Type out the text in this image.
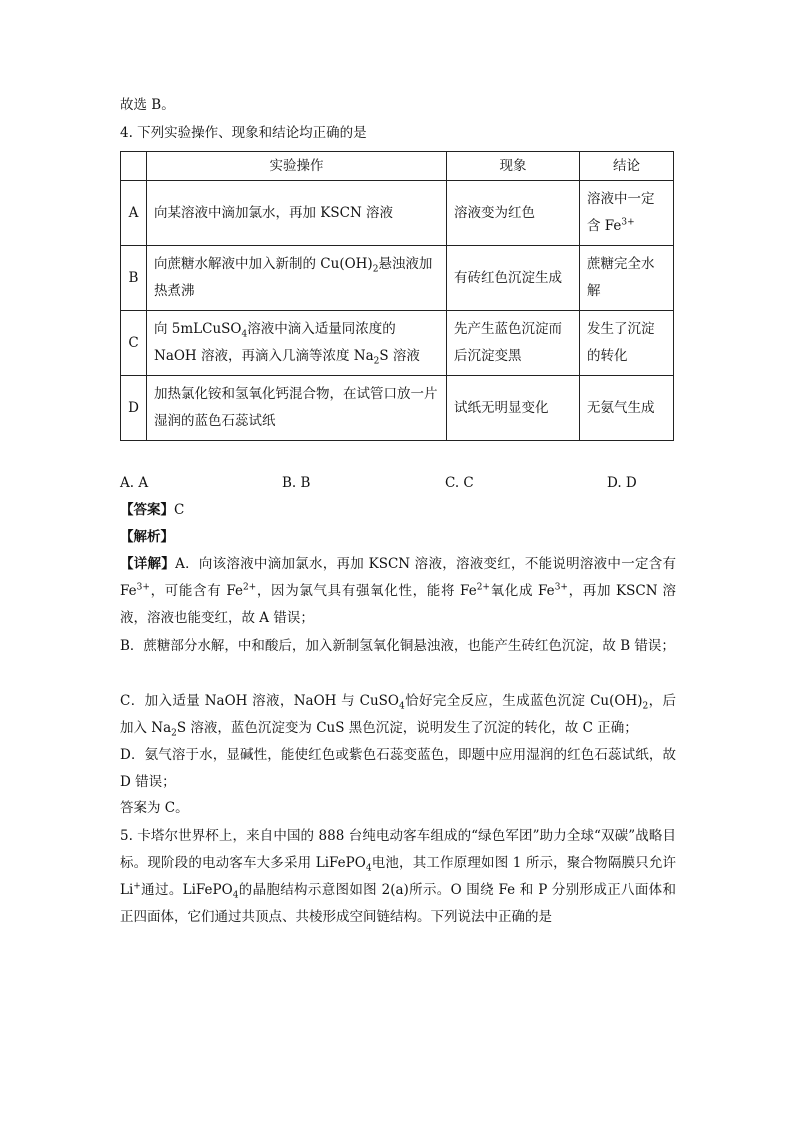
故选 B。
4. 下列实验操作、现象和结论均正确的是
	实验操作	现象	结论
A	向某溶液中滴加氯水，再加 KSCN 溶液	溶液变为红色	溶液中一定含 $Fe^{3+}$
B	向蔗糖水解液中加入新制的 $Cu(OH)_2$悬浊液加热煮沸	有砖红色沉淀生成	蔗糖完全水解
C	向 5mLCuSO$_4$溶液中滴入适量同浓度的 NaOH 溶液，再滴入几滴等浓度 $Na_2S$ 溶液	先产生蓝色沉淀而后沉淀变黑	发生了沉淀的转化
D	加热氯化铵和氢氧化钙混合物，在试管口放一片湿润的蓝色石蕊试纸	试纸无明显变化	无氨气生成
A. A	B. B	C. C	D. D
【答案】C
【解析】
【详解】A．向该溶液中滴加氯水，再加 KSCN 溶液，溶液变红，不能说明溶液中一定含有 $Fe^{3+}$，可能含有 $Fe^{2+}$，因为氯气具有强氧化性，能将 $Fe^{2+}$氧化成 $Fe^{3+}$，再加 KSCN 溶液，溶液也能变红，故 A 错误；
B．蔗糖部分水解，中和酸后，加入新制氢氧化铜悬浊液，也能产生砖红色沉淀，故 B 错误；
C．加入适量 NaOH 溶液，NaOH 与 CuSO$_4$恰好完全反应，生成蓝色沉淀 $Cu(OH)_2$，后加入 $Na_2S$ 溶液，蓝色沉淀变为 CuS 黑色沉淀，说明发生了沉淀的转化，故 C 正确；
D．氨气溶于水，显碱性，能使红色或紫色石蕊变蓝色，即题中应用湿润的红色石蕊试纸，故 D 错误；
答案为 C。
5. 卡塔尔世界杯上，来自中国的 888 台纯电动客车组成的“绿色军团”助力全球“双碳”战略目标。现阶段的电动客车大多采用 LiFePO$_4$电池，其工作原理如图 1 所示，聚合物隔膜只允许 Li+通过。LiFePO$_4$的晶胞结构示意图如图 2(a)所示。O 围绕 Fe 和 P 分别形成正八面体和正四面体，它们通过共顶点、共棱形成空间链结构。下列说法中正确的是
